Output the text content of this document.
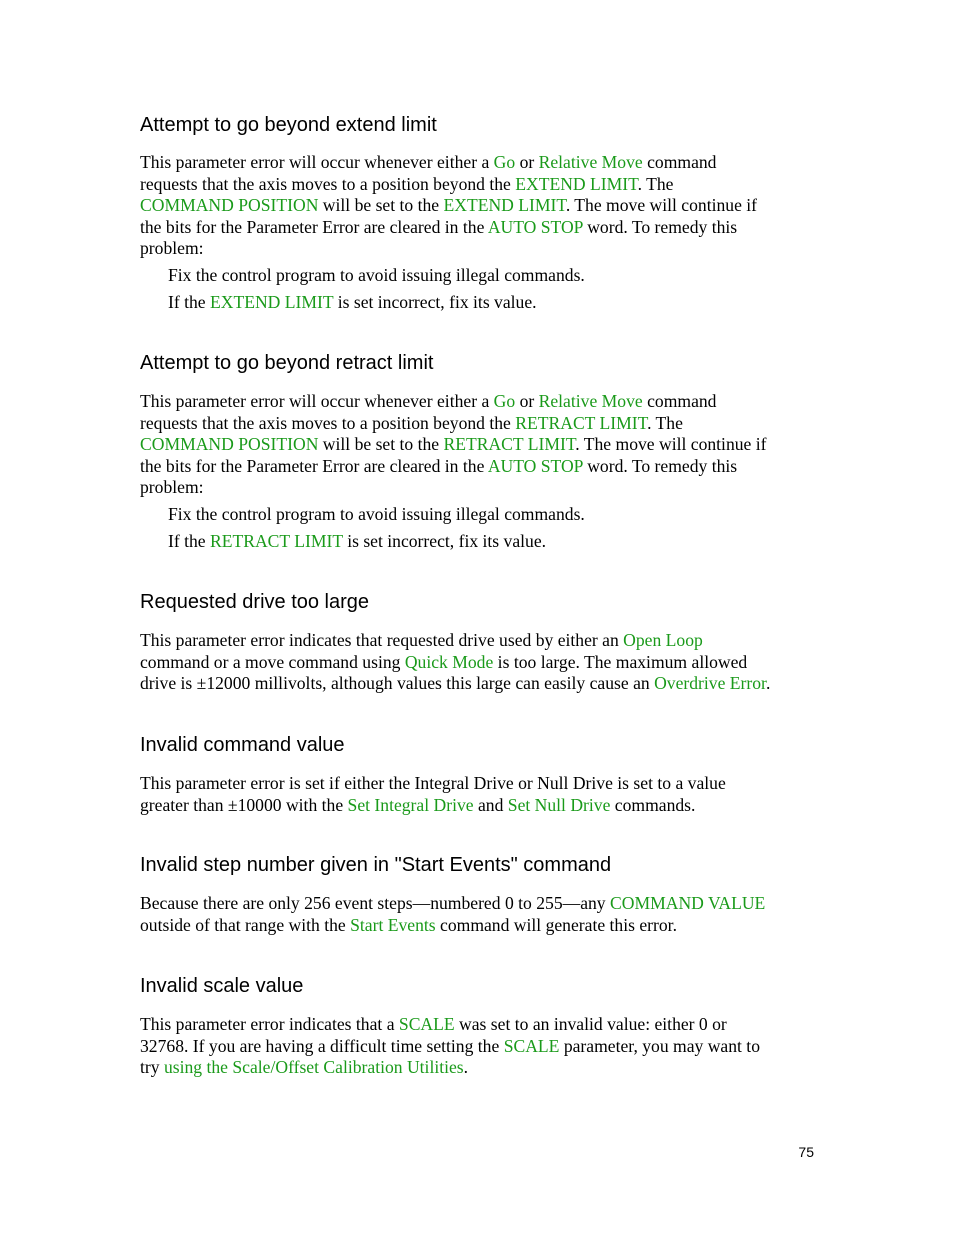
Attempt to go beyond extend limit

This parameter error will occur whenever either a Go or Relative Move command
requests that the axis moves to a position beyond the EXTEND LIMIT. The
COMMAND POSITION will be set to the EXTEND LIMIT. The move will continue if
the bits for the Parameter Error are cleared in the AUTO STOP word. To remedy this
problem:

Fix the control program to avoid issuing illegal commands.

If the EXTEND LIMIT is set incorrect, fix its value.

Attempt to go beyond retract limit

This parameter error will occur whenever either a Go or Relative Move command
requests that the axis moves to a position beyond the RETRACT LIMIT. The
COMMAND POSITION will be set to the RETRACT LIMIT. The move will continue if
the bits for the Parameter Error are cleared in the AUTO STOP word. To remedy this
problem:

Fix the control program to avoid issuing illegal commands.

If the RETRACT LIMIT is set incorrect, fix its value.

Requested drive too large

This parameter error indicates that requested drive used by either an Open Loop
command or a move command using Quick Mode is too large. The maximum allowed
drive is ±12000 millivolts, although values this large can easily cause an Overdrive Error.

Invalid command value

This parameter error is set if either the Integral Drive or Null Drive is set to a value
greater than ±10000 with the Set Integral Drive and Set Null Drive commands.

Invalid step number given in "Start Events" command

Because there are only 256 event steps—numbered 0 to 255—any COMMAND VALUE
outside of that range with the Start Events command will generate this error.

Invalid scale value

This parameter error indicates that a SCALE was set to an invalid value: either 0 or
32768. If you are having a difficult time setting the SCALE parameter, you may want to
try using the Scale/Offset Calibration Utilities.

75
